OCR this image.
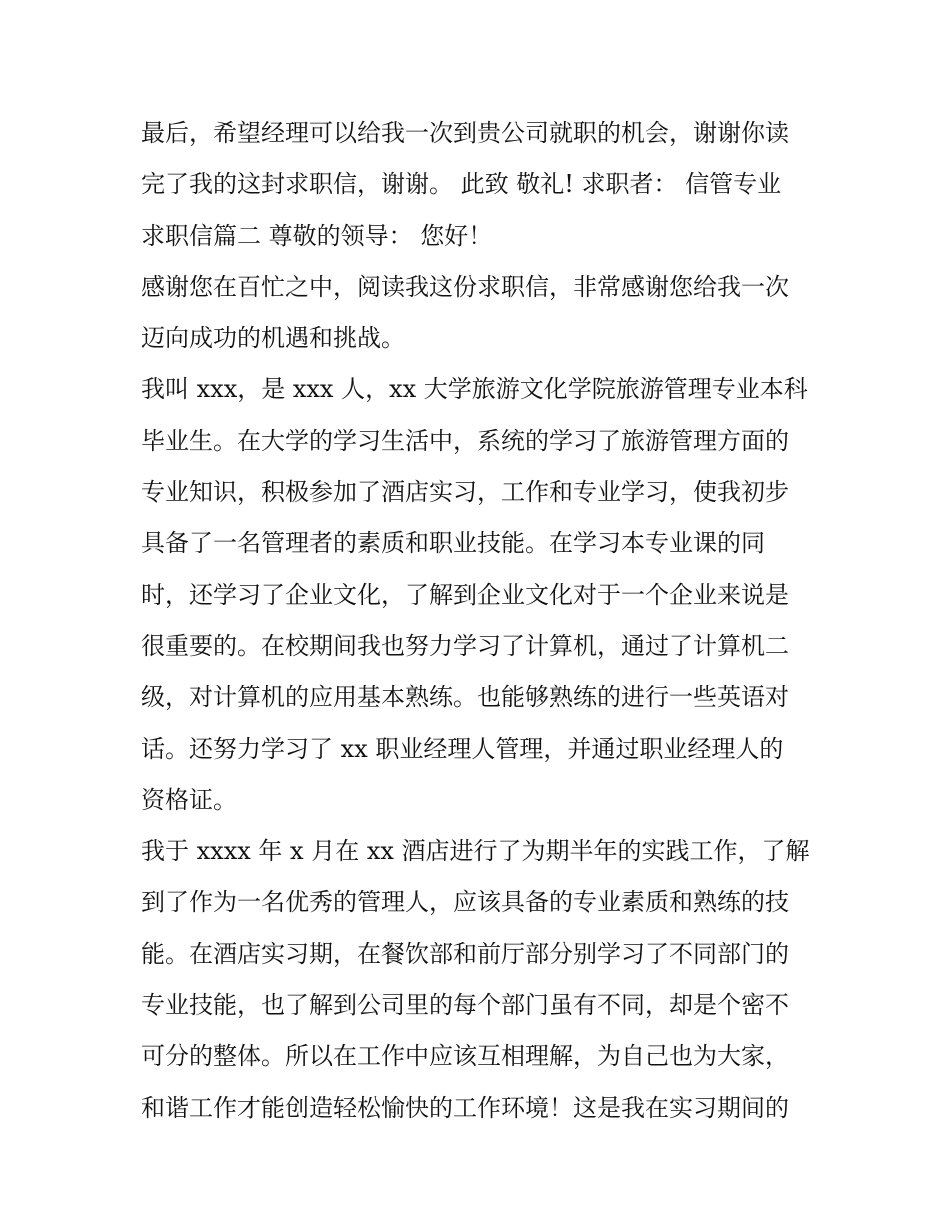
最后，希望经理可以给我一次到贵公司就职的机会，谢谢你读
完了我的这封求职信，谢谢。 此致 敬礼! 求职者： 信管专业
求职信篇二 尊敬的领导： 您好！
感谢您在百忙之中，阅读我这份求职信，非常感谢您给我一次
迈向成功的机遇和挑战。
我叫 xxx，是 xxx 人，xx 大学旅游文化学院旅游管理专业本科
毕业生。在大学的学习生活中，系统的学习了旅游管理方面的
专业知识，积极参加了酒店实习，工作和专业学习，使我初步
具备了一名管理者的素质和职业技能。在学习本专业课的同
时，还学习了企业文化，了解到企业文化对于一个企业来说是
很重要的。在校期间我也努力学习了计算机，通过了计算机二
级，对计算机的应用基本熟练。也能够熟练的进行一些英语对
话。还努力学习了 xx 职业经理人管理，并通过职业经理人的
资格证。
我于 xxxx 年 x 月在 xx 酒店进行了为期半年的实践工作，了解
到了作为一名优秀的管理人，应该具备的专业素质和熟练的技
能。在酒店实习期，在餐饮部和前厅部分别学习了不同部门的
专业技能，也了解到公司里的每个部门虽有不同，却是个密不
可分的整体。所以在工作中应该互相理解，为自己也为大家，
和谐工作才能创造轻松愉快的工作环境！这是我在实习期间的
